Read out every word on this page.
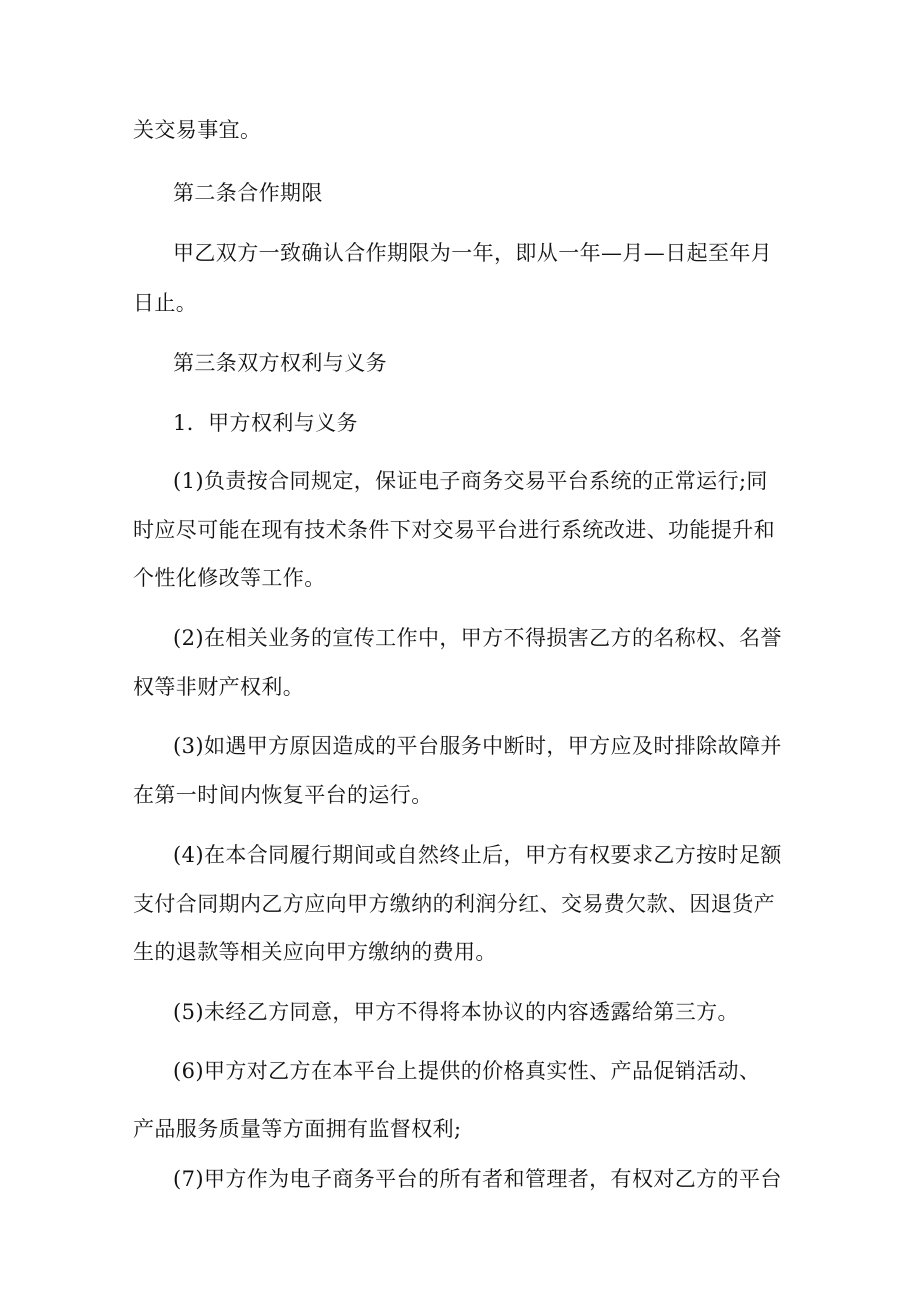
关交易事宜。
第二条合作期限
甲乙双方一致确认合作期限为一年，即从一年—月—日起至年月
日止。
第三条双方权利与义务
1．甲方权利与义务
(1)负责按合同规定，保证电子商务交易平台系统的正常运行;同
时应尽可能在现有技术条件下对交易平台进行系统改进、功能提升和
个性化修改等工作。
(2)在相关业务的宣传工作中，甲方不得损害乙方的名称权、名誉
权等非财产权利。
(3)如遇甲方原因造成的平台服务中断时，甲方应及时排除故障并
在第一时间内恢复平台的运行。
(4)在本合同履行期间或自然终止后，甲方有权要求乙方按时足额
支付合同期内乙方应向甲方缴纳的利润分红、交易费欠款、因退货产
生的退款等相关应向甲方缴纳的费用。
(5)未经乙方同意，甲方不得将本协议的内容透露给第三方。
(6)甲方对乙方在本平台上提供的价格真实性、产品促销活动、
产品服务质量等方面拥有监督权利;
(7)甲方作为电子商务平台的所有者和管理者，有权对乙方的平台
